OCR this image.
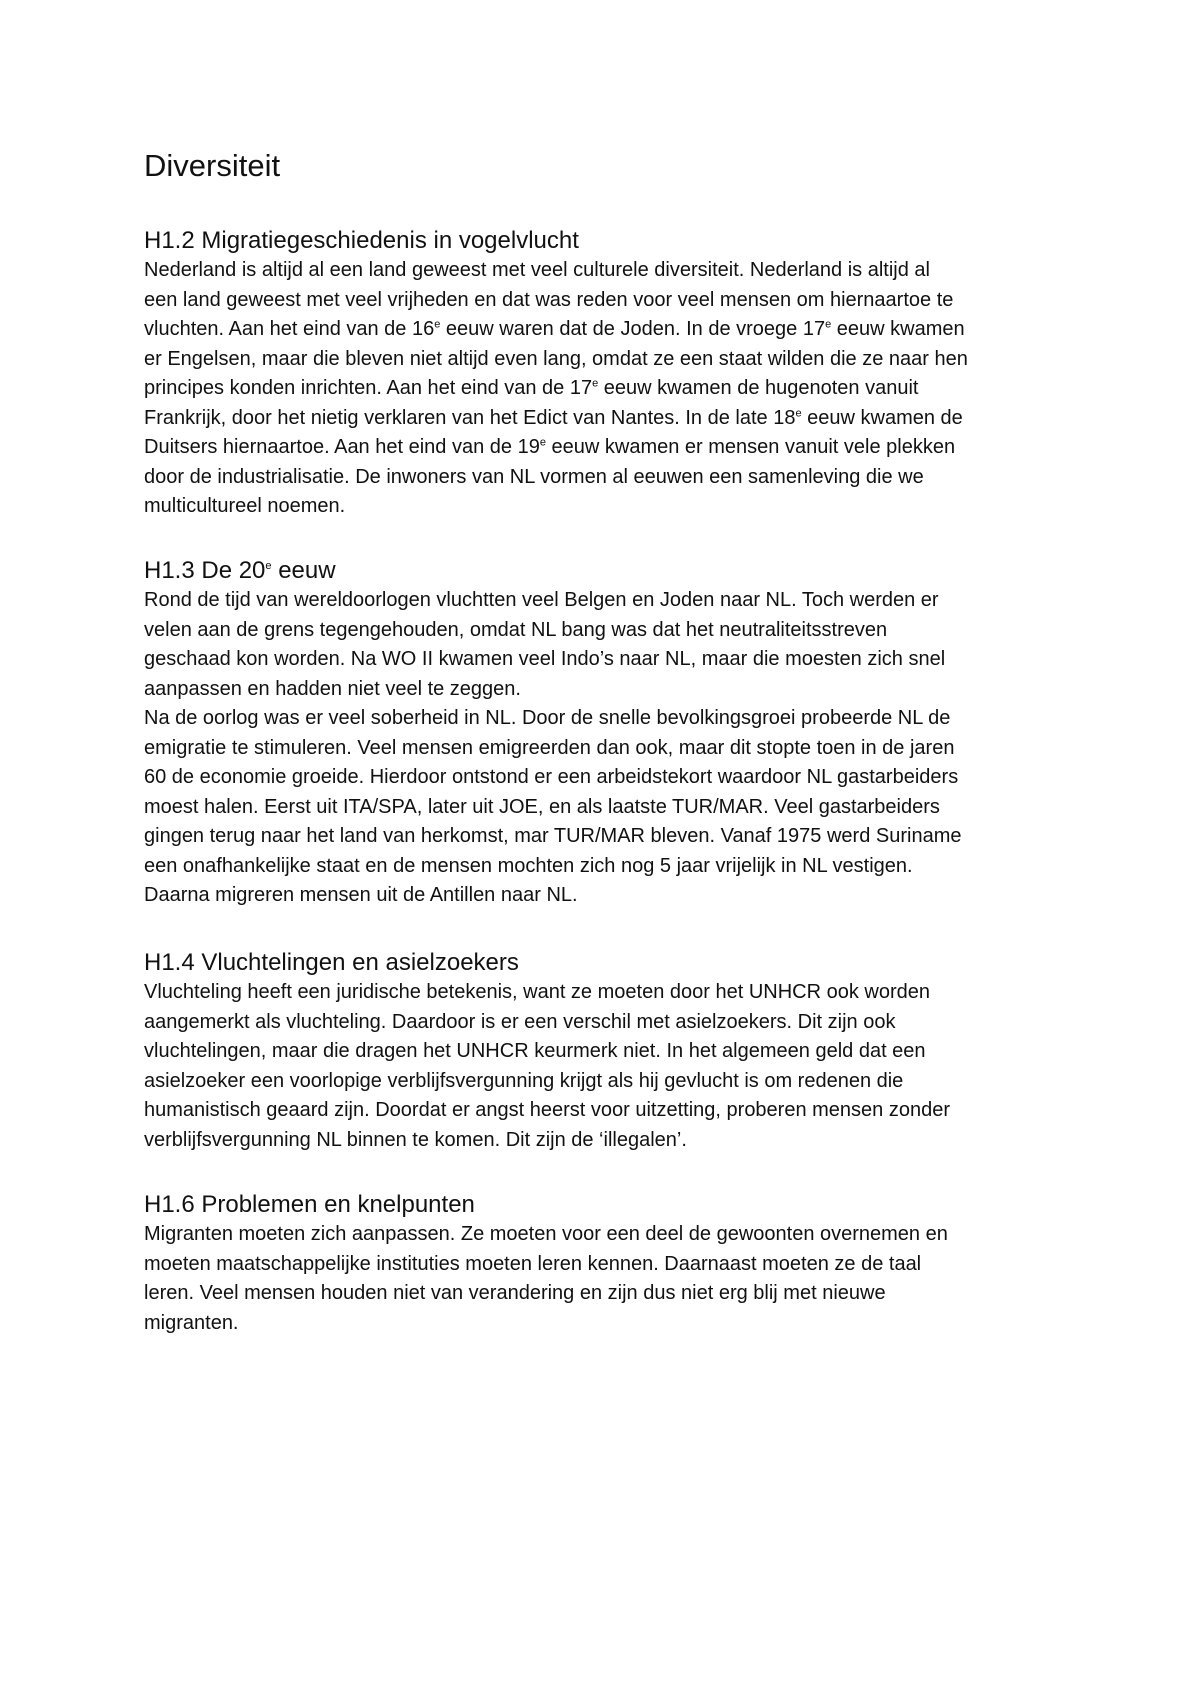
Diversiteit
H1.2 Migratiegeschiedenis in vogelvlucht
Nederland is altijd al een land geweest met veel culturele diversiteit. Nederland is altijd al
een land geweest met veel vrijheden en dat was reden voor veel mensen om hiernaartoe te
vluchten. Aan het eind van de 16e eeuw waren dat de Joden. In de vroege 17e eeuw kwamen
er Engelsen, maar die bleven niet altijd even lang, omdat ze een staat wilden die ze naar hen
principes konden inrichten. Aan het eind van de 17e eeuw kwamen de hugenoten vanuit
Frankrijk, door het nietig verklaren van het Edict van Nantes. In de late 18e eeuw kwamen de
Duitsers hiernaartoe. Aan het eind van de 19e eeuw kwamen er mensen vanuit vele plekken
door de industrialisatie. De inwoners van NL vormen al eeuwen een samenleving die we
multicultureel noemen.
H1.3 De 20e eeuw
Rond de tijd van wereldoorlogen vluchtten veel Belgen en Joden naar NL. Toch werden er
velen aan de grens tegengehouden, omdat NL bang was dat het neutraliteitsstreven
geschaad kon worden. Na WO II kwamen veel Indo’s naar NL, maar die moesten zich snel
aanpassen en hadden niet veel te zeggen.
Na de oorlog was er veel soberheid in NL. Door de snelle bevolkingsgroei probeerde NL de
emigratie te stimuleren. Veel mensen emigreerden dan ook, maar dit stopte toen in de jaren
60 de economie groeide. Hierdoor ontstond er een arbeidstekort waardoor NL gastarbeiders
moest halen. Eerst uit ITA/SPA, later uit JOE, en als laatste TUR/MAR. Veel gastarbeiders
gingen terug naar het land van herkomst, mar TUR/MAR bleven. Vanaf 1975 werd Suriname
een onafhankelijke staat en de mensen mochten zich nog 5 jaar vrijelijk in NL vestigen.
Daarna migreren mensen uit de Antillen naar NL.
H1.4 Vluchtelingen en asielzoekers
Vluchteling heeft een juridische betekenis, want ze moeten door het UNHCR ook worden
aangemerkt als vluchteling. Daardoor is er een verschil met asielzoekers. Dit zijn ook
vluchtelingen, maar die dragen het UNHCR keurmerk niet. In het algemeen geld dat een
asielzoeker een voorlopige verblijfsvergunning krijgt als hij gevlucht is om redenen die
humanistisch geaard zijn. Doordat er angst heerst voor uitzetting, proberen mensen zonder
verblijfsvergunning NL binnen te komen. Dit zijn de ‘illegalen’.
H1.6 Problemen en knelpunten
Migranten moeten zich aanpassen. Ze moeten voor een deel de gewoonten overnemen en
moeten maatschappelijke instituties moeten leren kennen. Daarnaast moeten ze de taal
leren. Veel mensen houden niet van verandering en zijn dus niet erg blij met nieuwe
migranten.
